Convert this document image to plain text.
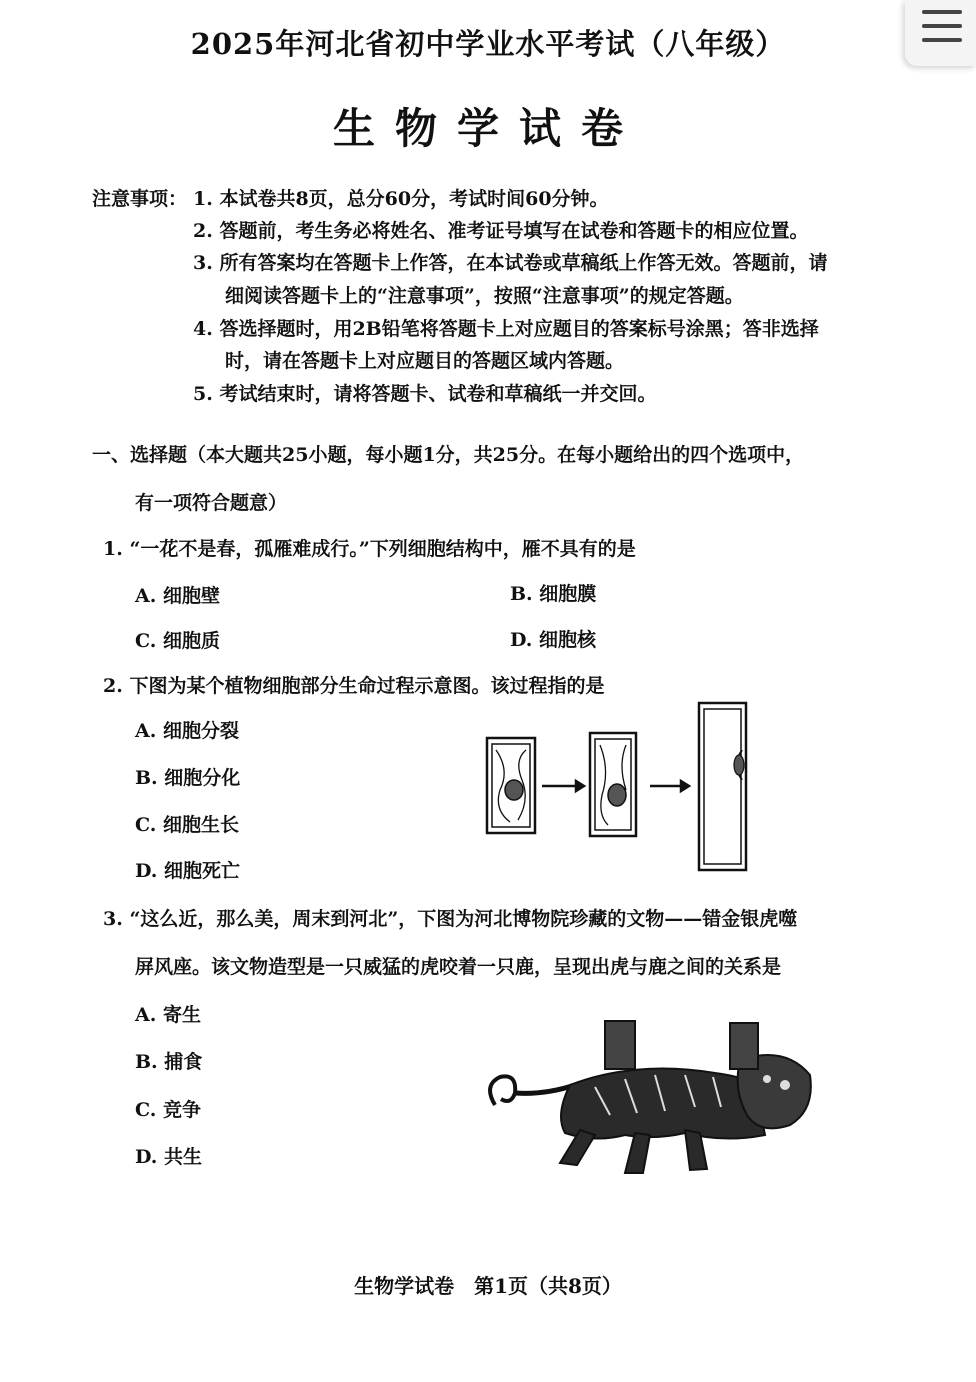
2025年河北省初中学业水平考试（八年级）
生物学试卷
注意事项： 1. 本试卷共8页，总分60分，考试时间60分钟。
2. 答题前，考生务必将姓名、准考证号填写在试卷和答题卡的相应位置。
3. 所有答案均在答题卡上作答，在本试卷或草稿纸上作答无效。答题前，请
细阅读答题卡上的“注意事项”，按照“注意事项”的规定答题。
4. 答选择题时，用2B铅笔将答题卡上对应题目的答案标号涂黑；答非选择
时，请在答题卡上对应题目的答题区域内答题。
5. 考试结束时，请将答题卡、试卷和草稿纸一并交回。
一、选择题（本大题共25小题，每小题1分，共25分。在每小题给出的四个选项中，
有一项符合题意）
1. “一花不是春，孤雁难成行。”下列细胞结构中，雁不具有的是
A. 细胞壁	B. 细胞膜
C. 细胞质	D. 细胞核
2. 下图为某个植物细胞部分生命过程示意图。该过程指的是
A. 细胞分裂
B. 细胞分化
C. 细胞生长
D. 细胞死亡
3. “这么近，那么美，周末到河北”，下图为河北博物院珍藏的文物——错金银虎噬
屏风座。该文物造型是一只威猛的虎咬着一只鹿，呈现出虎与鹿之间的关系是
A. 寄生
B. 捕食
C. 竞争
D. 共生
生物学试卷　第1页（共8页）
